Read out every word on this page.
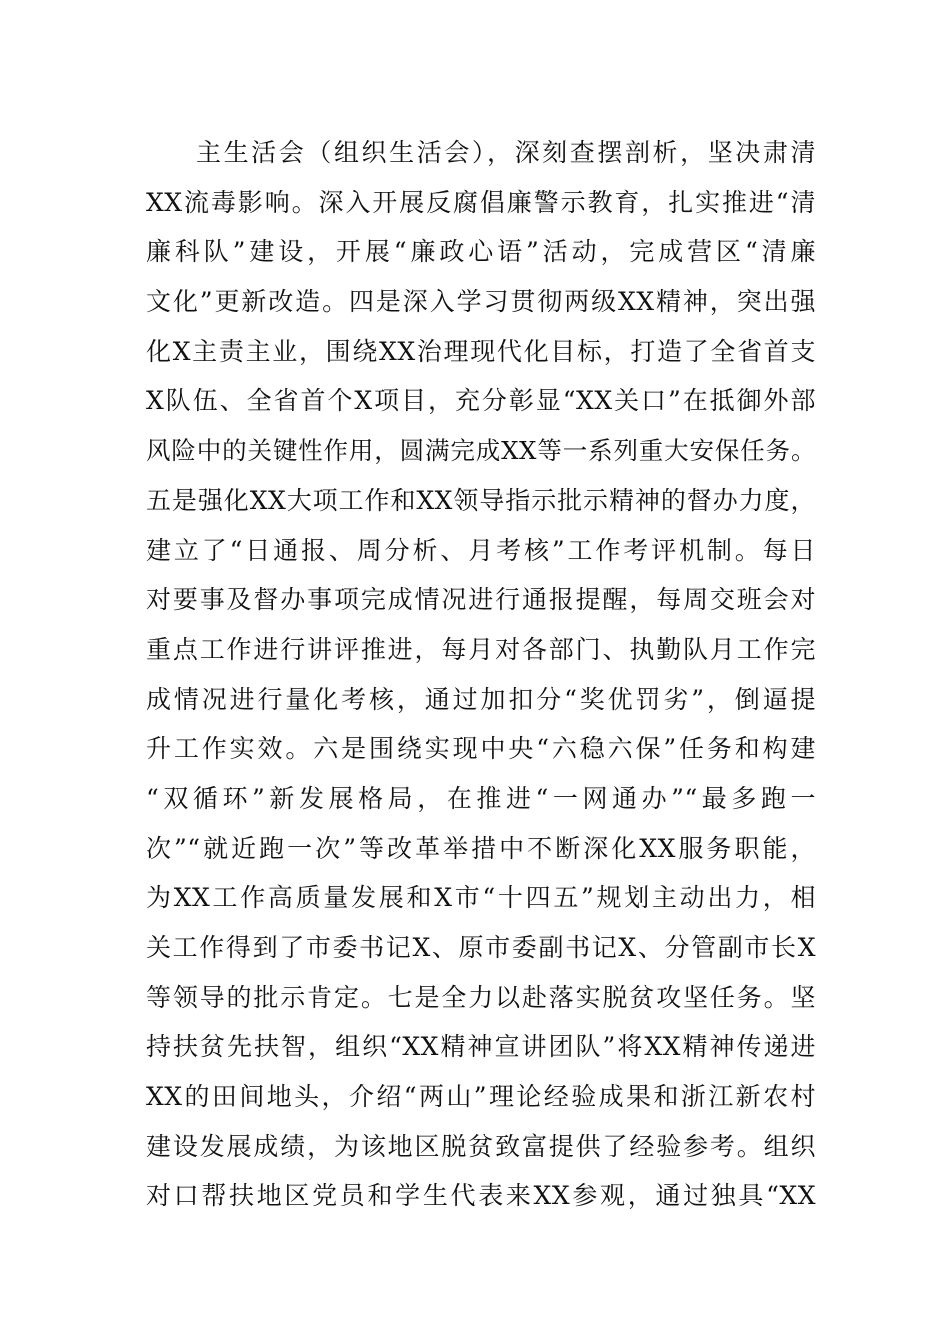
主生活会（组织生活会），深刻查摆剖析，坚决肃清
XX流毒影响。深入开展反腐倡廉警示教育，扎实推进“清
廉科队”建设，开展“廉政心语”活动，完成营区“清廉
文化”更新改造。四是深入学习贯彻两级XX精神，突出强
化X主责主业，围绕XX治理现代化目标，打造了全省首支
X队伍、全省首个X项目，充分彰显“XX关口”在抵御外部
风险中的关键性作用，圆满完成XX等一系列重大安保任务。
五是强化XX大项工作和XX领导指示批示精神的督办力度，
建立了“日通报、周分析、月考核”工作考评机制。每日
对要事及督办事项完成情况进行通报提醒，每周交班会对
重点工作进行讲评推进，每月对各部门、执勤队月工作完
成情况进行量化考核，通过加扣分“奖优罚劣”，倒逼提
升工作实效。六是围绕实现中央“六稳六保”任务和构建
“双循环”新发展格局，在推进“一网通办”“最多跑一
次”“就近跑一次”等改革举措中不断深化XX服务职能，
为XX工作高质量发展和X市“十四五”规划主动出力，相
关工作得到了市委书记X、原市委副书记X、分管副市长X
等领导的批示肯定。七是全力以赴落实脱贫攻坚任务。坚
持扶贫先扶智，组织“XX精神宣讲团队”将XX精神传递进
XX的田间地头，介绍“两山”理论经验成果和浙江新农村
建设发展成绩，为该地区脱贫致富提供了经验参考。组织
对口帮扶地区党员和学生代表来XX参观，通过独具“XX
